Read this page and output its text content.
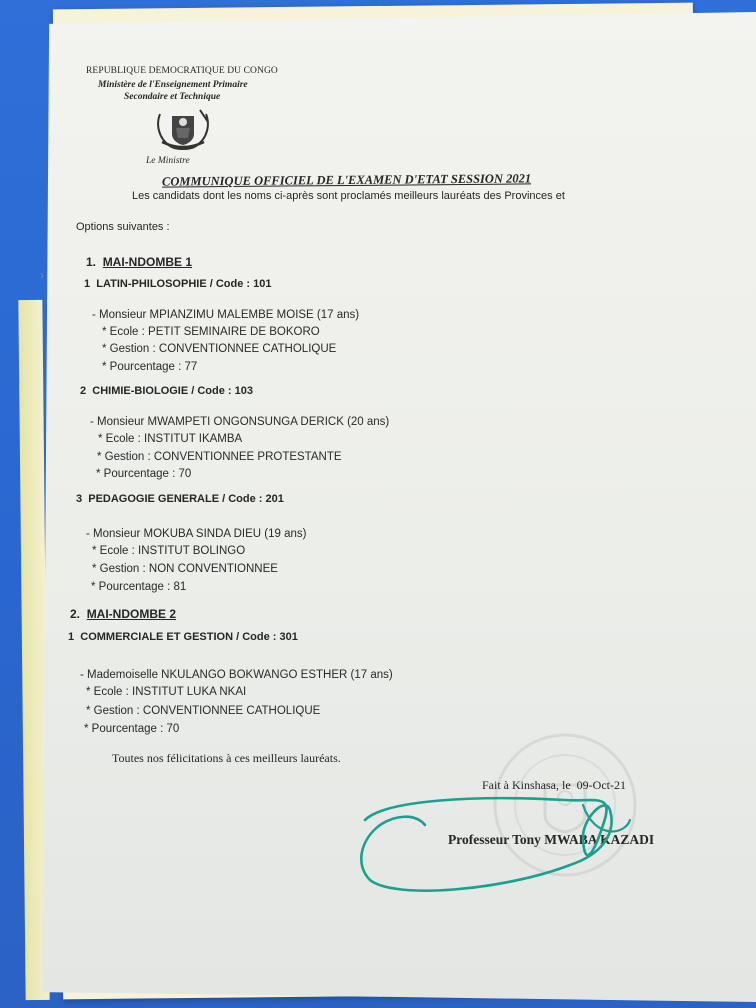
›
REPUBLIQUE DEMOCRATIQUE DU CONGO
Ministère de l'Enseignement Primaire
Secondaire et Technique
Le Ministre
COMMUNIQUE OFFICIEL DE L'EXAMEN D'ETAT SESSION 2021
Les candidats dont les noms ci-après sont proclamés meilleurs lauréats des Provinces et
Options suivantes :
1. MAI-NDOMBE 1
1 LATIN-PHILOSOPHIE / Code : 101
- Monsieur MPIANZIMU MALEMBE MOISE (17 ans)
* Ecole : PETIT SEMINAIRE DE BOKORO
* Gestion : CONVENTIONNEE CATHOLIQUE
* Pourcentage : 77
2 CHIMIE-BIOLOGIE / Code : 103
- Monsieur MWAMPETI ONGONSUNGA DERICK (20 ans)
* Ecole : INSTITUT IKAMBA
* Gestion : CONVENTIONNEE PROTESTANTE
* Pourcentage : 70
3 PEDAGOGIE GENERALE / Code : 201
- Monsieur MOKUBA SINDA DIEU (19 ans)
* Ecole : INSTITUT BOLINGO
* Gestion : NON CONVENTIONNEE
* Pourcentage : 81
2. MAI-NDOMBE 2
1 COMMERCIALE ET GESTION / Code : 301
- Mademoiselle NKULANGO BOKWANGO ESTHER (17 ans)
* Ecole : INSTITUT LUKA NKAI
* Gestion : CONVENTIONNEE CATHOLIQUE
* Pourcentage : 70
Toutes nos félicitations à ces meilleurs lauréats.
Fait à Kinshasa, le 09-Oct-21
Professeur Tony MWABA KAZADI
